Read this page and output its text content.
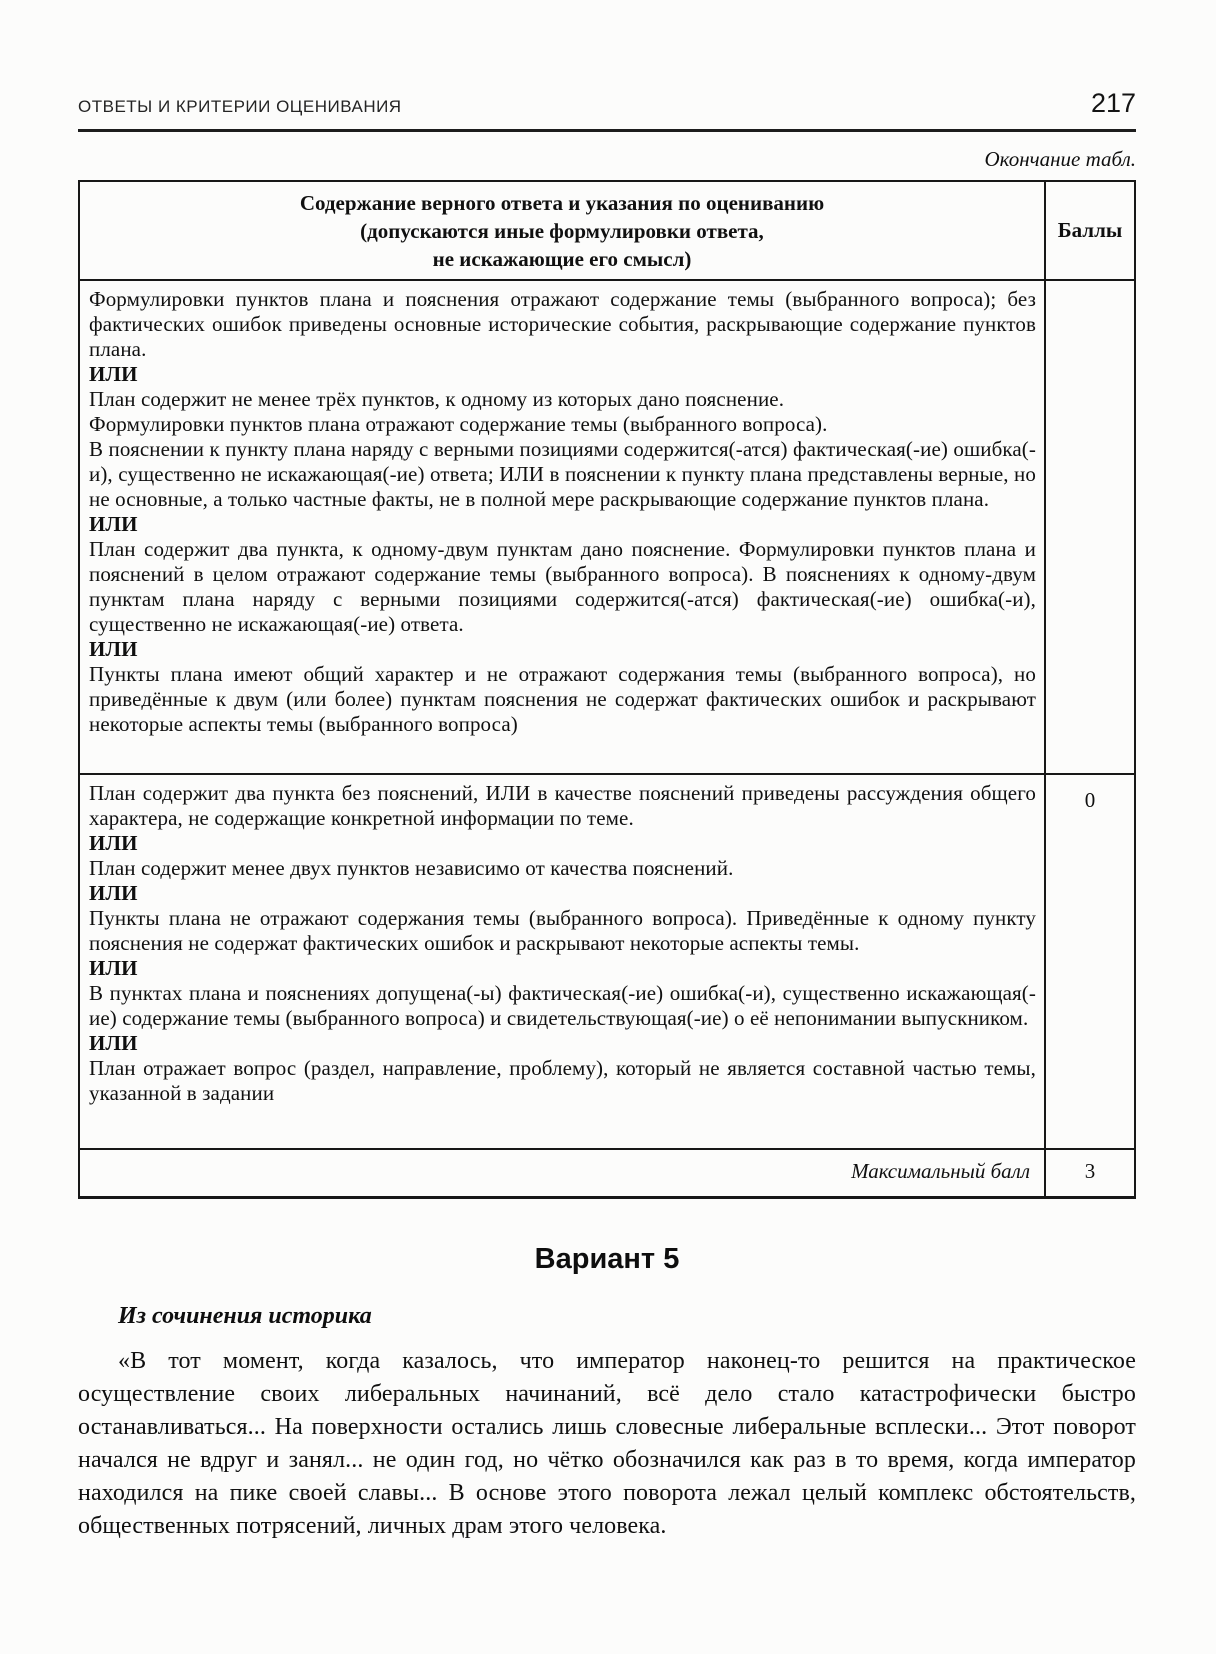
ОТВЕТЫ И КРИТЕРИИ ОЦЕНИВАНИЯ	217
Окончание табл.
Содержание верного ответа и указания по оцениванию
(допускаются иные формулировки ответа,
не искажающие его смысл)
Баллы

Формулировки пунктов плана и пояснения отражают содержание темы (выбранного вопроса); без фактических ошибок приведены основные исторические события, раскрывающие содержание пунктов плана.

ИЛИ

План содержит не менее трёх пунктов, к одному из которых дано пояснение.

Формулировки пунктов плана отражают содержание темы (выбранного вопроса).

В пояснении к пункту плана наряду с верными позициями содержится(-атся) фактическая(-ие) ошибка(-и), существенно не искажающая(-ие) ответа; ИЛИ в пояснении к пункту плана представлены верные, но не основные, а только частные факты, не в полной мере раскрывающие содержание пунктов плана.

ИЛИ

План содержит два пункта, к одному-двум пунктам дано пояснение. Формулировки пунктов плана и пояснений в целом отражают содержание темы (выбранного вопроса). В пояснениях к одному-двум пунктам плана наряду с верными позициями содержится(-атся) фактическая(-ие) ошибка(-и), существенно не искажающая(-ие) ответа.

ИЛИ

Пункты плана имеют общий характер и не отражают содержания темы (выбранного вопроса), но приведённые к двум (или более) пунктам пояснения не содержат фактических ошибок и раскрывают некоторые аспекты темы (выбранного вопроса)

План содержит два пункта без пояснений, ИЛИ в качестве пояснений приведены рассуждения общего характера, не содержащие конкретной информации по теме.

ИЛИ

План содержит менее двух пунктов независимо от качества пояснений.

ИЛИ

Пункты плана не отражают содержания темы (выбранного вопроса). Приведённые к одному пункту пояснения не содержат фактических ошибок и раскрывают некоторые аспекты темы.

ИЛИ

В пунктах плана и пояснениях допущена(-ы) фактическая(-ие) ошибка(-и), существенно искажающая(-ие) содержание темы (выбранного вопроса) и свидетельствующая(-ие) о её непонимании выпускником.

ИЛИ

План отражает вопрос (раздел, направление, проблему), который не является составной частью темы, указанной в задании

0
Максимальный балл	3
Вариант 5
Из сочинения историка

«В тот момент, когда казалось, что император наконец-то решится на практическое осуществление своих либеральных начинаний, всё дело стало катастрофически быстро останавливаться... На поверхности остались лишь словесные либеральные всплески... Этот поворот начался не вдруг и занял... не один год, но чётко обозначился как раз в то время, когда император находился на пике своей славы... В основе этого поворота лежал целый комплекс обстоятельств, общественных потрясений, личных драм этого человека.
